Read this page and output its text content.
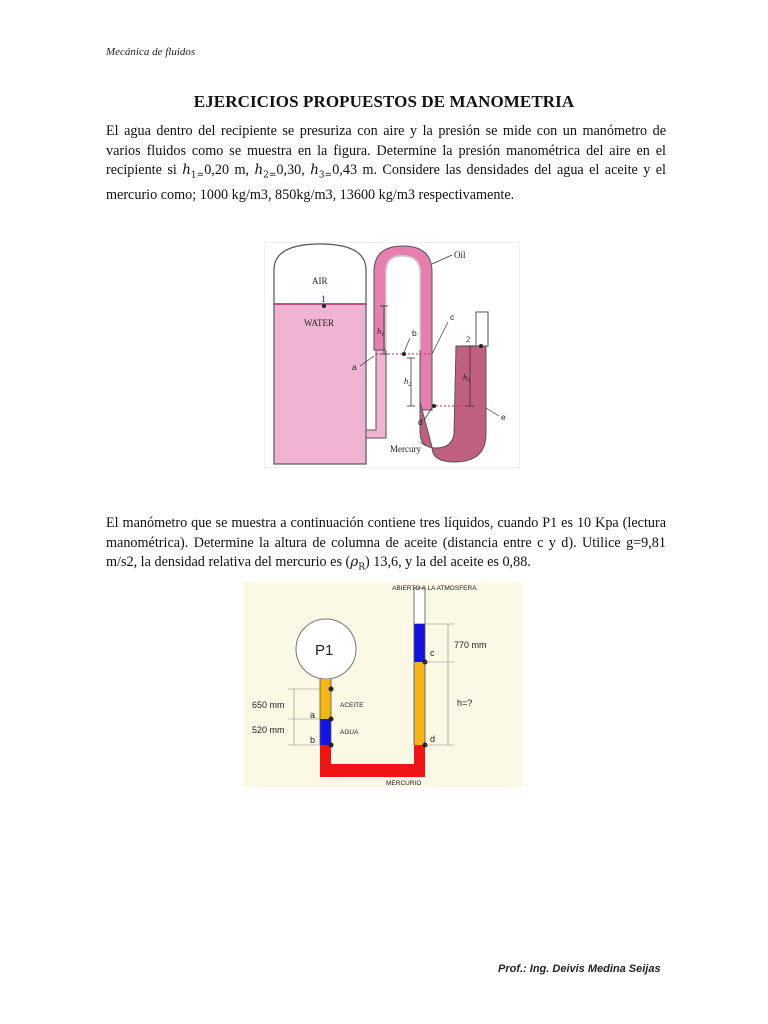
Mecánica de fluidos
EJERCICIOS PROPUESTOS DE MANOMETRIA

El agua dentro del recipiente se presuriza con aire y la presión se mide con un manómetro de varios fluidos como se muestra en la figura. Determine la presión manométrica del aire en el recipiente si $h_{1=}0,20$ m, $h_{2=}0,30$, $h_{3=}0,43$ m. Considere las densidades del agua el aceite y el mercurio como; 1000 kg/m3, 850kg/m3, 13600 kg/m3 respectivamente.

AIR
WATER
1
Oil
Mercury
a
b
c
d	e
2
$h_1$
$h_2$
$h_3$

El manómetro que se muestra a continuación contiene tres líquidos, cuando P1 es 10 Kpa (lectura manométrica). Determine la altura de columna de aceite (distancia entre c y d). Utilice g=9,81 m/s2, la densidad relativa del mercurio es $(\rho_R)$ 13,6, y la del aceite es 0,88.

P1
ABIERTO A LA ATMOSFERA
770 mm
h=?
650 mm
520 mm
ACEITE
AGUA
MERCURIO
a
b
c
d
Prof.: Ing. Deivis Medina Seijas
